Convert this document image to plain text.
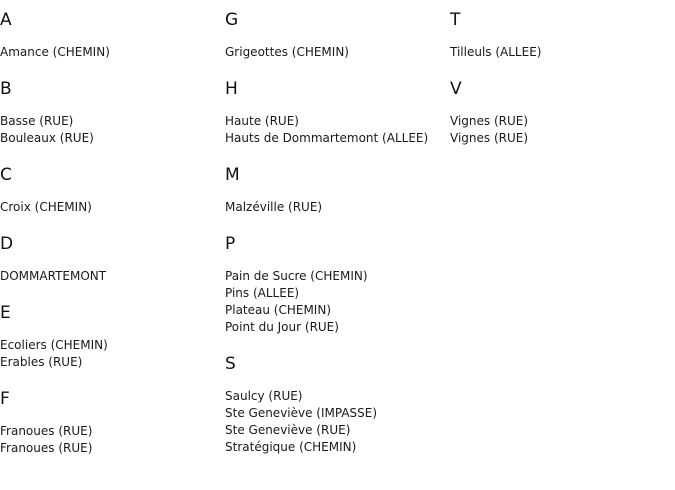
A
Amance (CHEMIN)
B
Basse (RUE)
Bouleaux (RUE)
C
Croix (CHEMIN)
D
DOMMARTEMONT
E
Ecoliers (CHEMIN)
Erables (RUE)
F
Franoues (RUE)
Franoues (RUE)
G
Grigeottes (CHEMIN)
H
Haute (RUE)
Hauts de Dommartemont (ALLEE)
M
Malzéville (RUE)
P
Pain de Sucre (CHEMIN)
Pins (ALLEE)
Plateau (CHEMIN)
Point du Jour (RUE)
S
Saulcy (RUE)
Ste Geneviève (IMPASSE)
Ste Geneviève (RUE)
Stratégique (CHEMIN)
T
Tilleuls (ALLEE)
V
Vignes (RUE)
Vignes (RUE)
